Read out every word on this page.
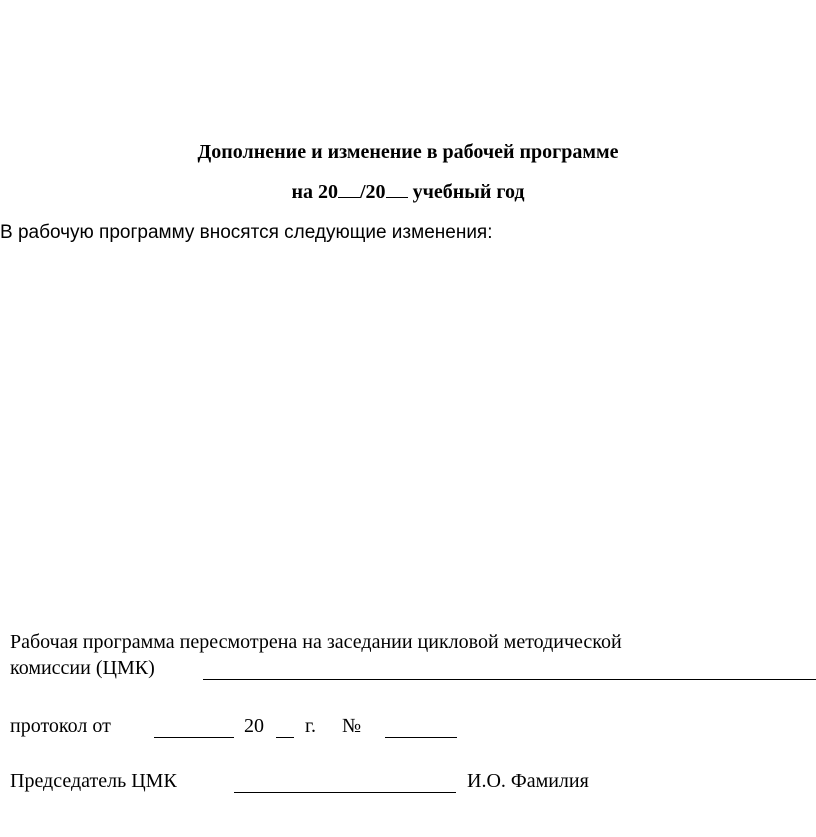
Дополнение и изменение в рабочей программе
на 20 /20 учебный год
В рабочую программу вносятся следующие изменения:
Рабочая программа пересмотрена на заседании цикловой методической
комиссии (ЦМК)
протокол от	20 г. №
Председатель ЦМК	И.О. Фамилия
